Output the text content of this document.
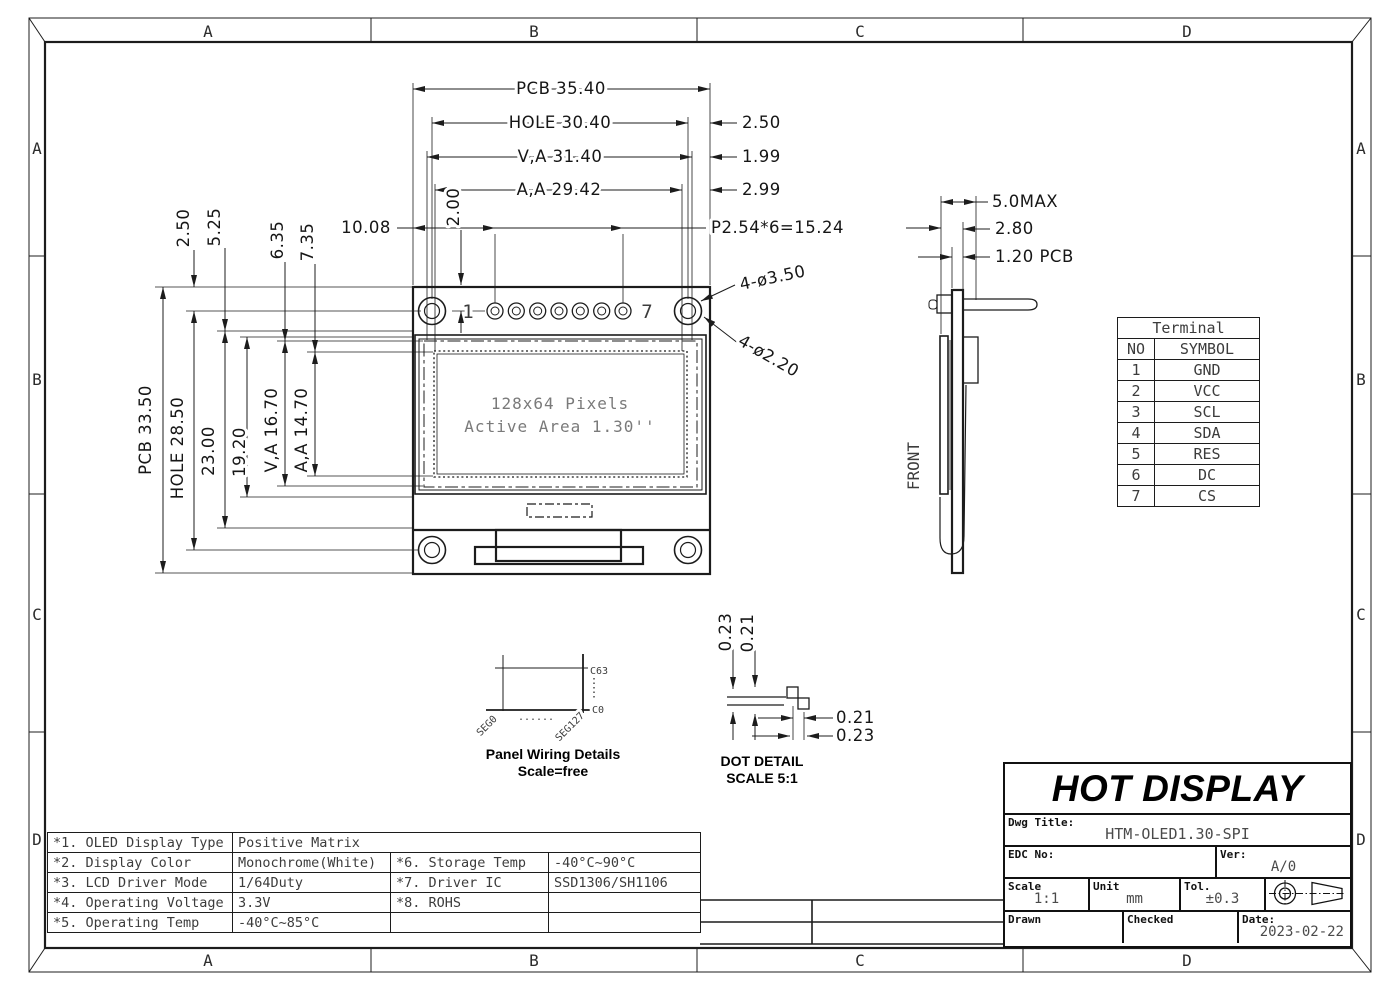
A	B	C	D
A	B	C	D
A
B
C
D
A
B
C
D
1	7
128x64 Pixels
Active Area 1.30''
PCB 35.40
HOLE 30.40
V,A 31.40
A,A 29.42
2.50
1.99
2.99
P2.54*6=15.24
10.08
2.00
2.50 5.25	6.35 7.35
PCB 33.50 HOLE 28.50 23.00 19.20 V,A 16.70 A,A 14.70
4-ø3.50
4-ø2.20
5.0MAX
2.80
1.20 PCB
FRONT
C63
C0
SEG0	SEG127
......
Panel Wiring Details
Scale=free
0.23 0.21
0.21
0.23
DOT DETAIL
SCALE 5:1
Terminal	
NO	SYMBOL
1	GND
2	VCC
3	SCL
4	SDA
5	RES
6	DC
7	CS
*1. OLED Display Type	Positive Matrix		
*2. Display Color	Monochrome(White)	*6. Storage Temp	-40°C~90°C
*3. LCD Driver Mode	1/64Duty	*7. Driver IC	SSD1306/SH1106
*4. Operating Voltage	3.3V	*8. ROHS	
*5. Operating Temp	-40°C~85°C		
HOT DISPLAY
Dwg Title:
HTM-OLED1.30-SPI
EDC No:	Ver:
A/0
Scale
1:1
Unit
mm
Tol.
±0.3
Drawn	Checked	Date:
2023-02-22
